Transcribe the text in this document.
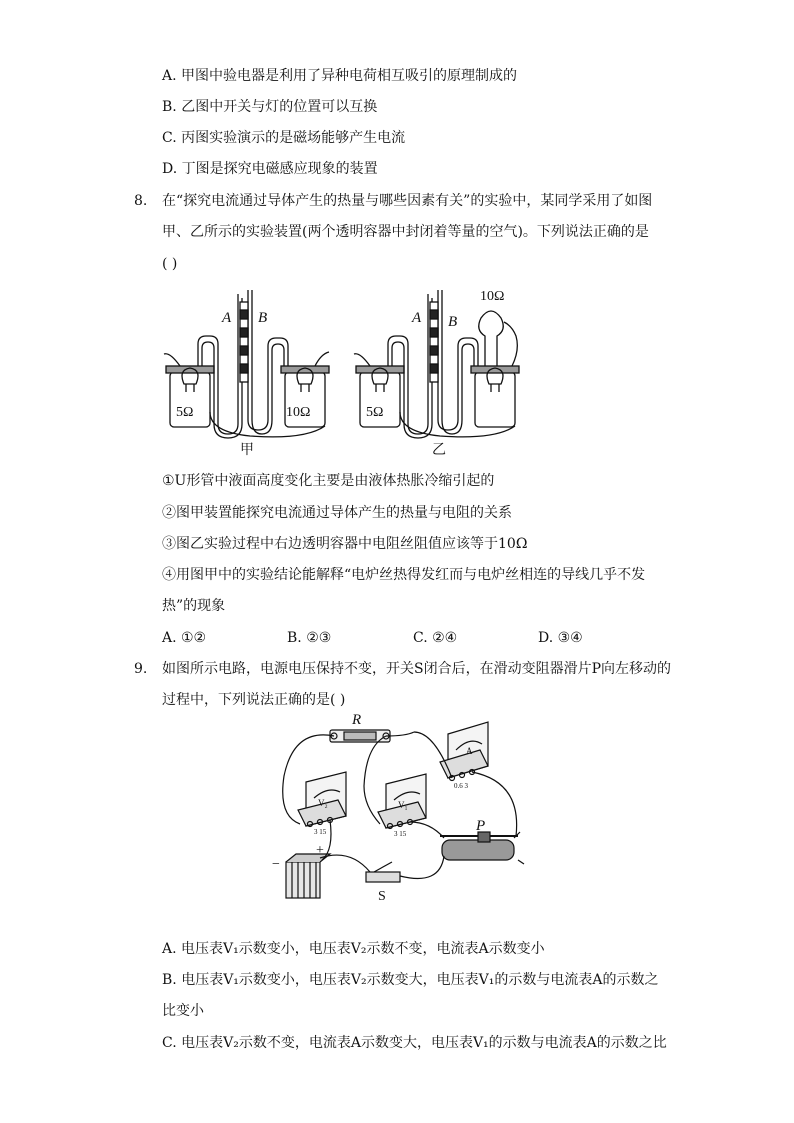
A. 甲图中验电器是利用了异种电荷相互吸引的原理制成的
B. 乙图中开关与灯的位置可以互换
C. 丙图实验演示的是磁场能够产生电流
D. 丁图是探究电磁感应现象的装置
8. 在“探究电流通过导体产生的热量与哪些因素有关”的实验中，某同学采用了如图
甲、乙所示的实验装置(两个透明容器中封闭着等量的空气)。下列说法正确的是
( )
A B
5Ω	10Ω
甲
A B
5Ω
10Ω
乙
①U形管中液面高度变化主要是由液体热胀冷缩引起的
②图甲装置能探究电流通过导体产生的热量与电阻的关系
③图乙实验过程中右边透明容器中电阻丝阻值应该等于10Ω
④用图甲中的实验结论能解释“电炉丝热得发红而与电炉丝相连的导线几乎不发
热”的现象
A. ①②	B. ②③	C. ②④	D. ③④
9. 如图所示电路，电源电压保持不变，开关S闭合后，在滑动变阻器滑片P向左移动的
过程中，下列说法正确的是( )
R
P
S
A
V₁
V₂
0.6 3
3 15	3 15
+
−
A. 电压表V₁示数变小，电压表V₂示数不变，电流表A示数变小
B. 电压表V₁示数变小，电压表V₂示数变大，电压表V₁的示数与电流表A的示数之
比变小
C. 电压表V₂示数不变，电流表A示数变大，电压表V₁的示数与电流表A的示数之比
